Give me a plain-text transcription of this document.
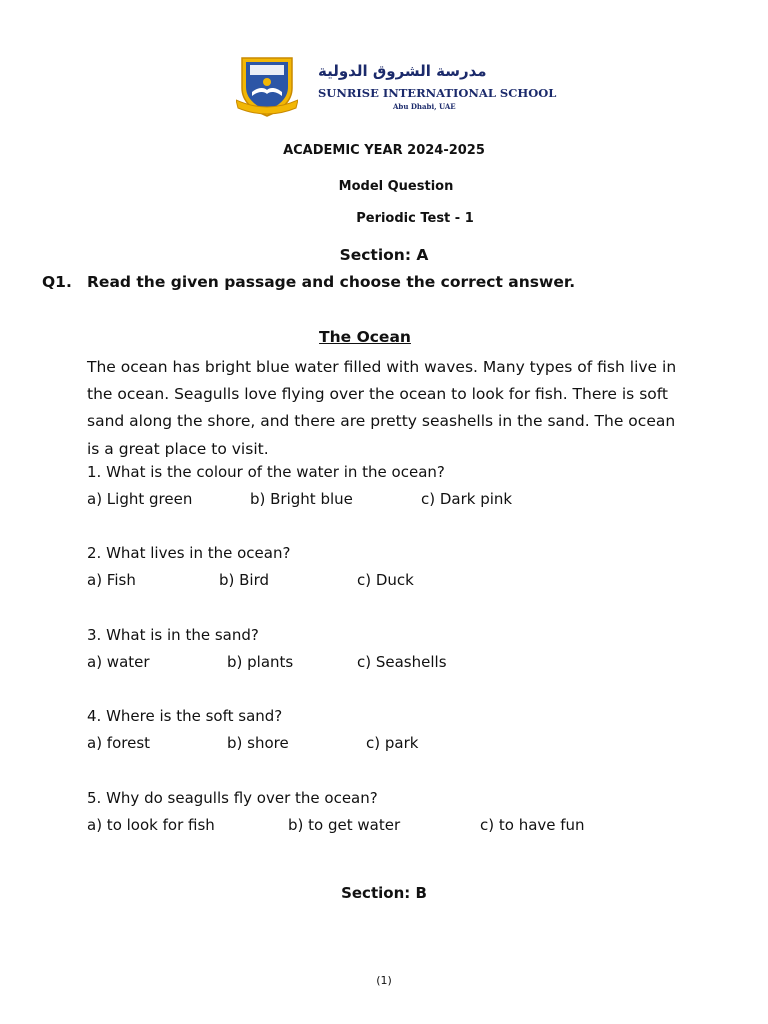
مدرسة الشروق الدولية
SUNRISE INTERNATIONAL SCHOOL
Abu Dhabi, UAE
ACADEMIC YEAR 2024-2025
Model Question
Periodic Test - 1
Section: A
Q1. Read the given passage and choose the correct answer.
The Ocean
The ocean has bright blue water filled with waves. Many types of fish live in the ocean. Seagulls love flying over the ocean to look for fish. There is soft sand along the shore, and there are pretty seashells in the sand. The ocean is a great place to visit.
1. What is the colour of the water in the ocean?
a) Light green	b) Bright blue	c) Dark pink
2. What lives in the ocean?
a) Fish	b) Bird	c) Duck
3. What is in the sand?
a) water	b) plants	c) Seashells
4. Where is the soft sand?
a) forest	b) shore	c) park
5. Why do seagulls fly over the ocean?
a) to look for fish	b) to get water	c) to have fun
Section: B
(1)
